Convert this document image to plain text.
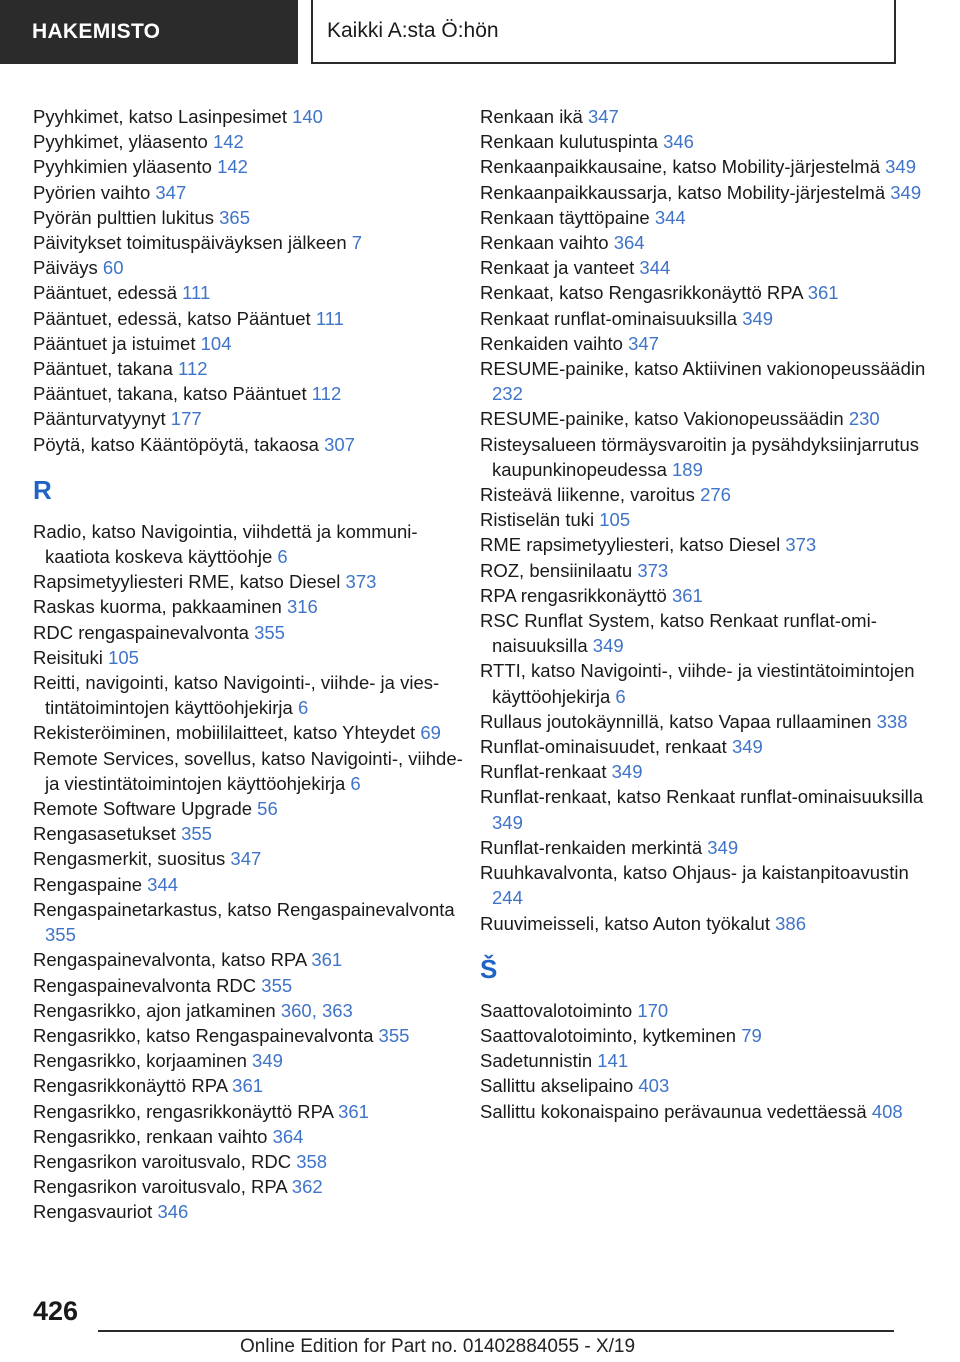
HAKEMISTO	Kaikki A:sta Ö:hön
Pyyhkimet, katso Lasinpesimet 140
Pyyhkimet, yläasento 142
Pyyhkimien yläasento 142
Pyörien vaihto 347
Pyörän pulttien lukitus 365
Päivitykset toimituspäiväyksen jälkeen 7
Päiväys 60
Pääntuet, edessä 111
Pääntuet, edessä, katso Pääntuet 111
Pääntuet ja istuimet 104
Pääntuet, takana 112
Pääntuet, takana, katso Pääntuet 112
Päänturvatyynyt 177
Pöytä, katso Kääntöpöytä, takaosa 307
R
Radio, katso Navigointia, viihdettä ja kommunikaatiota koskeva käyttöohje 6
Rapsimetyyliesteri RME, katso Diesel 373
Raskas kuorma, pakkaaminen 316
RDC rengaspainevalvonta 355
Reisituki 105
Reitti, navigointi, katso Navigointi-, viihde- ja viestintätoimintojen käyttöohjekirja 6
Rekisteröiminen, mobiililaitteet, katso Yhteydet 69
Remote Services, sovellus, katso Navigointi-, viihde- ja viestintätoimintojen käyttöohjekirja 6
Remote Software Upgrade 56
Rengasasetukset 355
Rengasmerkit, suositus 347
Rengaspaine 344
Rengaspainetarkastus, katso Rengaspainevalvonta 355
Rengaspainevalvonta, katso RPA 361
Rengaspainevalvonta RDC 355
Rengasrikko, ajon jatkaminen 360, 363
Rengasrikko, katso Rengaspainevalvonta 355
Rengasrikko, korjaaminen 349
Rengasrikkonäyttö RPA 361
Rengasrikko, rengasrikkonäyttö RPA 361
Rengasrikko, renkaan vaihto 364
Rengasrikon varoitusvalo, RDC 358
Rengasrikon varoitusvalo, RPA 362
Rengasvauriot 346
Renkaan ikä 347
Renkaan kulutuspinta 346
Renkaanpaikkausaine, katso Mobility-järjestelmä 349
Renkaanpaikkaussarja, katso Mobility-järjestelmä 349
Renkaan täyttöpaine 344
Renkaan vaihto 364
Renkaat ja vanteet 344
Renkaat, katso Rengasrikkonäyttö RPA 361
Renkaat runflat-ominaisuuksilla 349
Renkaiden vaihto 347
RESUME-painike, katso Aktiivinen vakionopeussäädin 232
RESUME-painike, katso Vakionopeussäädin 230
Risteysalueen törmäysvaroitin ja pysähdyksiinjarrutus kaupunkinopeudessa 189
Risteävä liikenne, varoitus 276
Ristiselän tuki 105
RME rapsimetyyliesteri, katso Diesel 373
ROZ, bensiinilaatu 373
RPA rengasrikkonäyttö 361
RSC Runflat System, katso Renkaat runflat-ominaisuuksilla 349
RTTI, katso Navigointi-, viihde- ja viestintätoimintojen käyttöohjekirja 6
Rullaus joutokäynnillä, katso Vapaa rullaaminen 338
Runflat-ominaisuudet, renkaat 349
Runflat-renkaat 349
Runflat-renkaat, katso Renkaat runflat-ominaisuuksilla 349
Runflat-renkaiden merkintä 349
Ruuhkavalvonta, katso Ohjaus- ja kaistanpitoavustin 244
Ruuvimeisseli, katso Auton työkalut 386
Š
Saattovalotoiminto 170
Saattovalotoiminto, kytkeminen 79
Sadetunnistin 141
Sallittu akselipaino 403
Sallittu kokonaispaino perävaunua vedettäessä 408
426
Online Edition for Part no. 01402884055 - X/19
